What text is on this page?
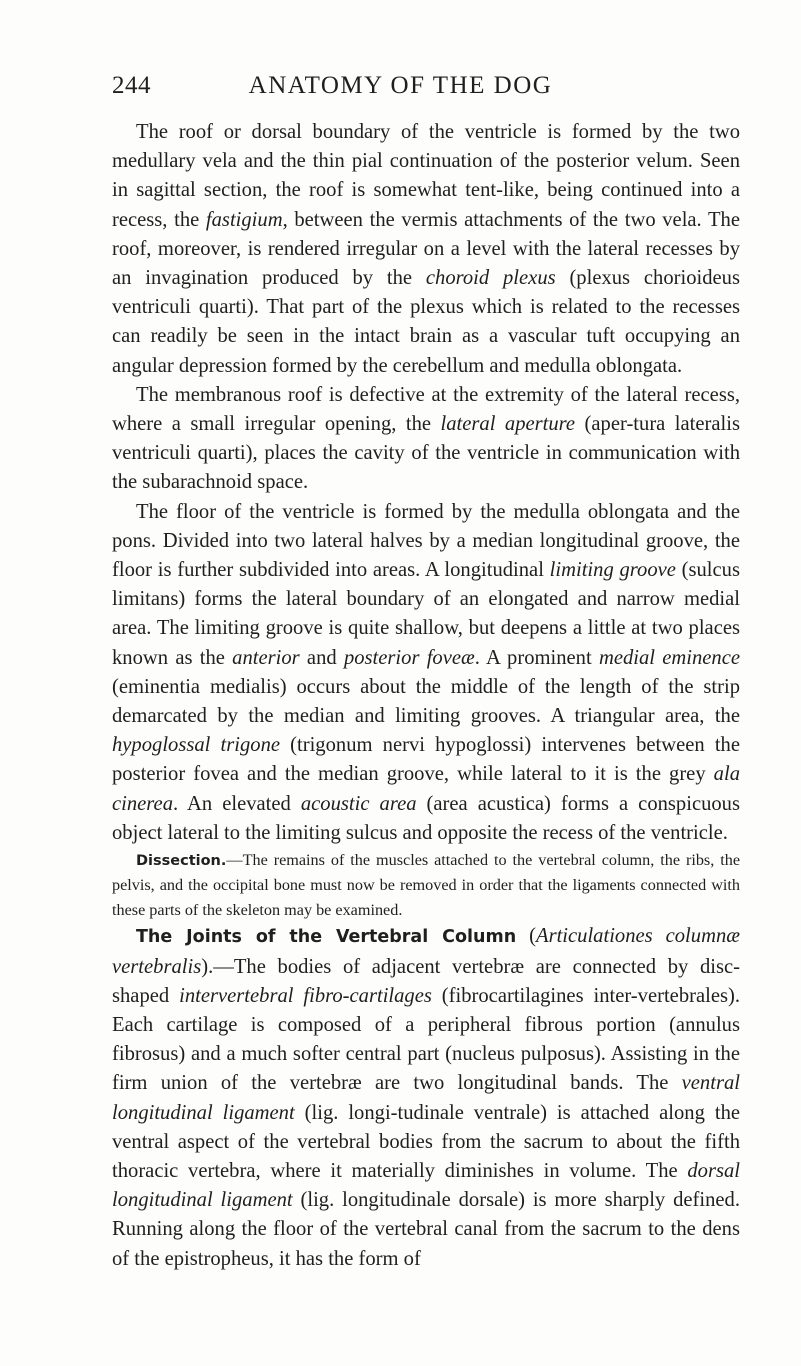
244	ANATOMY OF THE DOG

The roof or dorsal boundary of the ventricle is formed by the two medullary vela and the thin pial continuation of the posterior velum. Seen in sagittal section, the roof is somewhat tent-like, being continued into a recess, the fastigium, between the vermis attachments of the two vela. The roof, moreover, is rendered irregular on a level with the lateral recesses by an invagination produced by the choroid plexus (plexus chorioideus ventriculi quarti). That part of the plexus which is related to the recesses can readily be seen in the intact brain as a vascular tuft occupying an angular depression formed by the cerebellum and medulla oblongata.

The membranous roof is defective at the extremity of the lateral recess, where a small irregular opening, the lateral aperture (aper-tura lateralis ventriculi quarti), places the cavity of the ventricle in communication with the subarachnoid space.

The floor of the ventricle is formed by the medulla oblongata and the pons. Divided into two lateral halves by a median longitudinal groove, the floor is further subdivided into areas. A longitudinal limiting groove (sulcus limitans) forms the lateral boundary of an elongated and narrow medial area. The limiting groove is quite shallow, but deepens a little at two places known as the anterior and posterior foveæ. A prominent medial eminence (eminentia medialis) occurs about the middle of the length of the strip demarcated by the median and limiting grooves. A triangular area, the hypoglossal trigone (trigonum nervi hypoglossi) intervenes between the posterior fovea and the median groove, while lateral to it is the grey ala cinerea. An elevated acoustic area (area acustica) forms a conspicuous object lateral to the limiting sulcus and opposite the recess of the ventricle.

Dissection.—The remains of the muscles attached to the vertebral column, the ribs, the pelvis, and the occipital bone must now be removed in order that the ligaments connected with these parts of the skeleton may be examined.

The Joints of the Vertebral Column (Articulationes columnæ vertebralis).—The bodies of adjacent vertebræ are connected by disc-shaped intervertebral fibro-cartilages (fibrocartilagines inter-vertebrales). Each cartilage is composed of a peripheral fibrous portion (annulus fibrosus) and a much softer central part (nucleus pulposus). Assisting in the firm union of the vertebræ are two longitudinal bands. The ventral longitudinal ligament (lig. longi-tudinale ventrale) is attached along the ventral aspect of the vertebral bodies from the sacrum to about the fifth thoracic vertebra, where it materially diminishes in volume. The dorsal longitudinal ligament (lig. longitudinale dorsale) is more sharply defined. Running along the floor of the vertebral canal from the sacrum to the dens of the epistropheus, it has the form of
